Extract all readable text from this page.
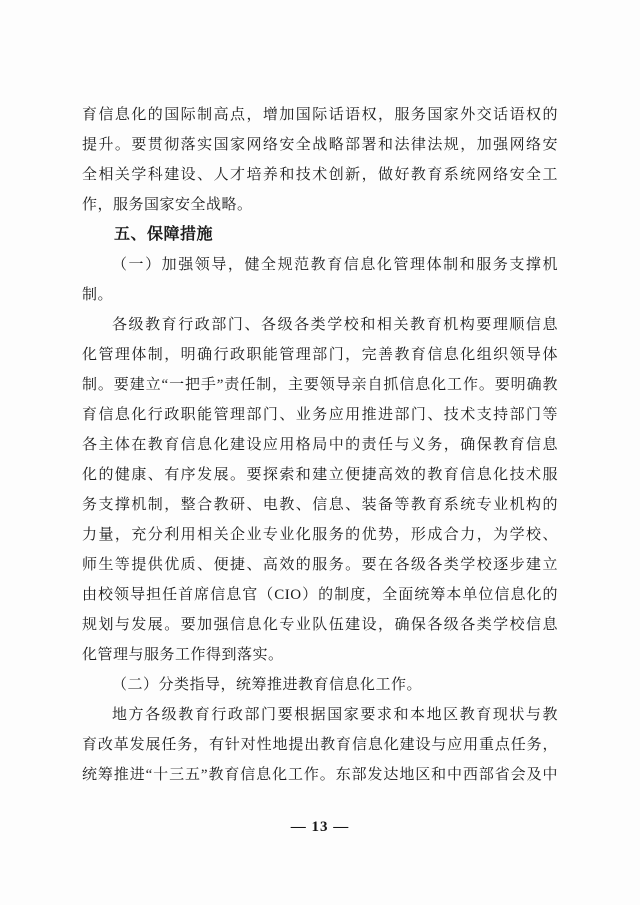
育信息化的国际制高点，增加国际话语权，服务国家外交话语权的
提升。要贯彻落实国家网络安全战略部署和法律法规，加强网络安
全相关学科建设、人才培养和技术创新，做好教育系统网络安全工
作，服务国家安全战略。
五、保障措施
（一）加强领导，健全规范教育信息化管理体制和服务支撑机
制。
各级教育行政部门、各级各类学校和相关教育机构要理顺信息
化管理体制，明确行政职能管理部门，完善教育信息化组织领导体
制。要建立“一把手”责任制，主要领导亲自抓信息化工作。要明确教
育信息化行政职能管理部门、业务应用推进部门、技术支持部门等
各主体在教育信息化建设应用格局中的责任与义务，确保教育信息
化的健康、有序发展。要探索和建立便捷高效的教育信息化技术服
务支撑机制，整合教研、电教、信息、装备等教育系统专业机构的
力量，充分利用相关企业专业化服务的优势，形成合力，为学校、
师生等提供优质、便捷、高效的服务。要在各级各类学校逐步建立
由校领导担任首席信息官（CIO）的制度，全面统筹本单位信息化的
规划与发展。要加强信息化专业队伍建设，确保各级各类学校信息
化管理与服务工作得到落实。
（二）分类指导，统筹推进教育信息化工作。
地方各级教育行政部门要根据国家要求和本地区教育现状与教
育改革发展任务，有针对性地提出教育信息化建设与应用重点任务，
统筹推进“十三五”教育信息化工作。东部发达地区和中西部省会及中
— 13 —
